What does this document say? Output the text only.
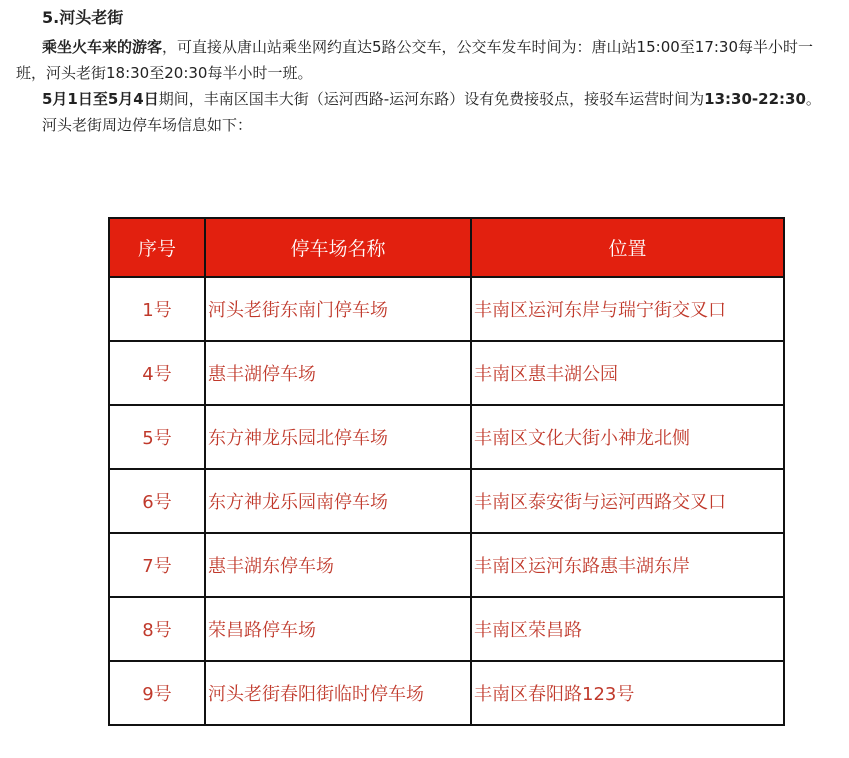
5.河头老街

乘坐火车来的游客，可直接从唐山站乘坐网约直达5路公交车，公交车发车时间为：唐山站15:00至17:30每半小时一班，河头老街18:30至20:30每半小时一班。

5月1日至5月4日期间，丰南区国丰大街（运河西路-运河东路）设有免费接驳点，接驳车运营时间为13:30-22:30。

河头老街周边停车场信息如下：

序号	停车场名称	位置
1号	河头老街东南门停车场	丰南区运河东岸与瑞宁街交叉口
4号	惠丰湖停车场	丰南区惠丰湖公园
5号	东方神龙乐园北停车场	丰南区文化大街小神龙北侧
6号	东方神龙乐园南停车场	丰南区泰安街与运河西路交叉口
7号	惠丰湖东停车场	丰南区运河东路惠丰湖东岸
8号	荣昌路停车场	丰南区荣昌路
9号	河头老街春阳街临时停车场	丰南区春阳路123号
